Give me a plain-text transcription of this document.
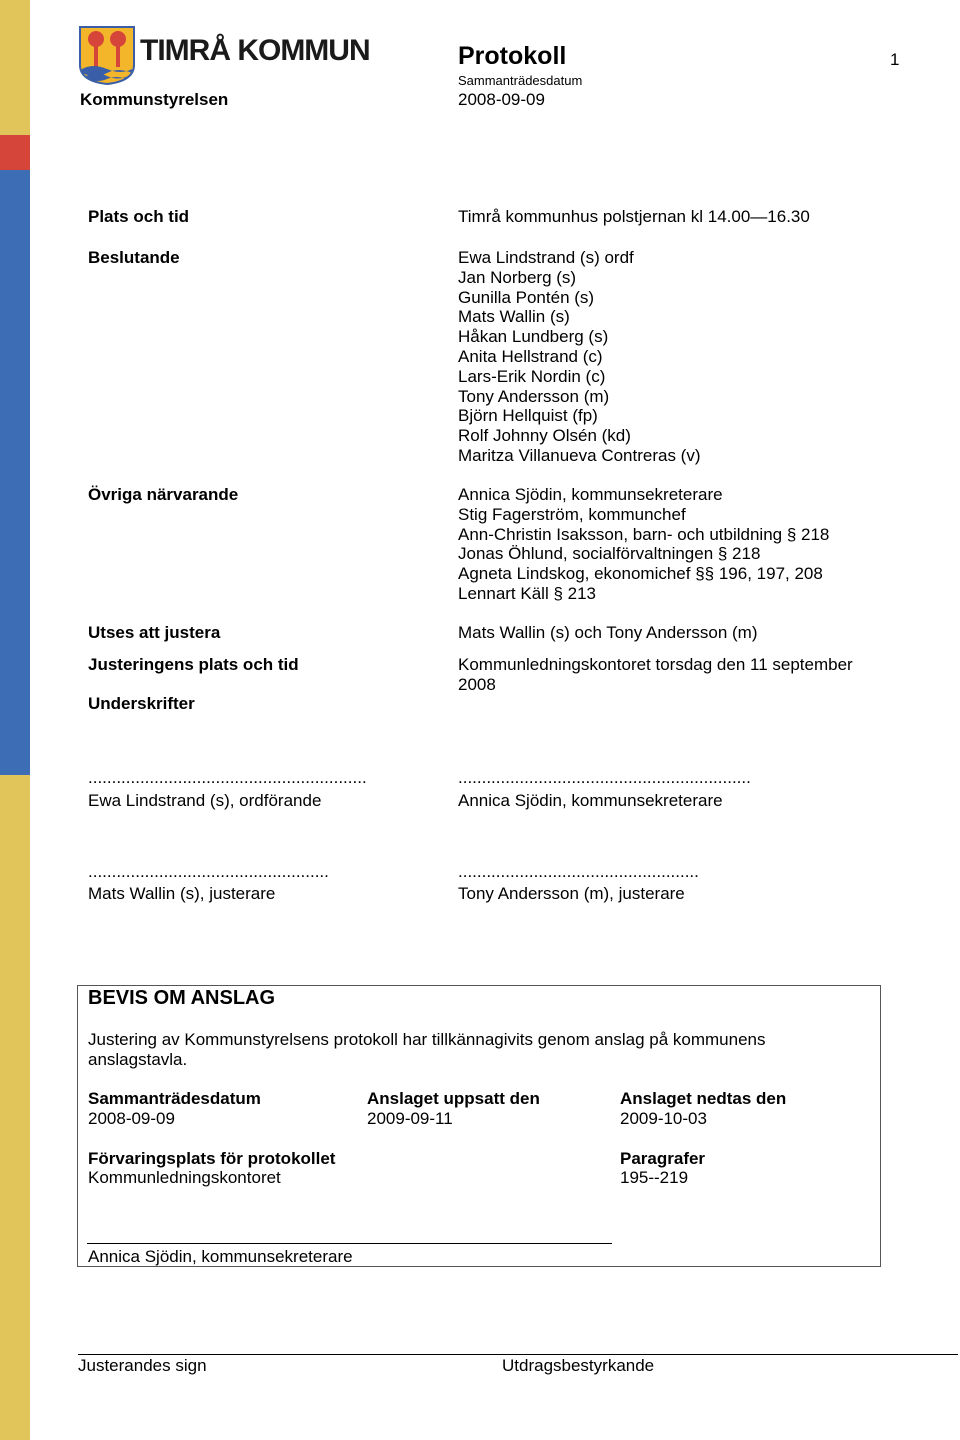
TIMRÅ KOMMUN
Kommunstyrelsen
Protokoll
Sammanträdesdatum
2008-09-09
1
Plats och tid	Timrå kommunhus polstjernan kl 14.00—16.30
Beslutande	Ewa Lindstrand (s) ordf
Jan Norberg (s)
Gunilla Pontén (s)
Mats Wallin (s)
Håkan Lundberg (s)
Anita Hellstrand (c)
Lars-Erik Nordin (c)
Tony Andersson (m)
Björn Hellquist (fp)
Rolf Johnny Olsén (kd)
Maritza Villanueva Contreras (v)
Övriga närvarande	Annica Sjödin, kommunsekreterare
Stig Fagerström, kommunchef
Ann-Christin Isaksson, barn- och utbildning § 218
Jonas Öhlund, socialförvaltningen § 218
Agneta Lindskog, ekonomichef §§ 196, 197, 208
Lennart Käll § 213
Utses att justera	Mats Wallin (s) och Tony Andersson (m)
Justeringens plats och tid	Kommunledningskontoret torsdag den 11 september
2008
Underskrifter
...........................................................
Ewa Lindstrand (s), ordförande
..............................................................
Annica Sjödin, kommunsekreterare
...................................................
Mats Wallin (s), justerare
...................................................
Tony Andersson (m), justerare
BEVIS OM ANSLAG
Justering av Kommunstyrelsens protokoll har tillkännagivits genom anslag på kommunens
anslagstavla.
Sammanträdesdatum
2008-09-09
Anslaget uppsatt den
2009-09-11
Anslaget nedtas den
2009-10-03
Förvaringsplats för protokollet
Kommunledningskontoret
Paragrafer
195--219
Annica Sjödin, kommunsekreterare
Justerandes sign	Utdragsbestyrkande
